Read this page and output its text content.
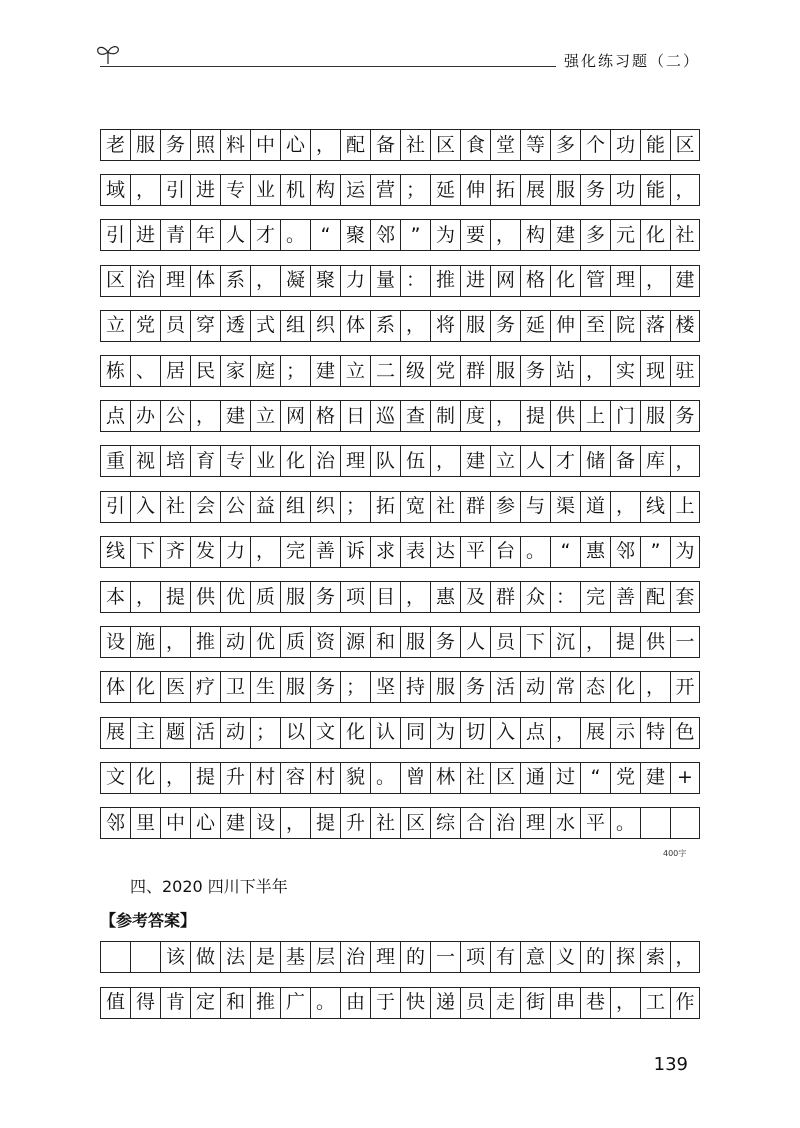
强化练习题（二）
老 服 务 照 料 中 心 ， 配 备 社 区 食 堂 等 多 个 功 能 区
域 ， 引 进 专 业 机 构 运 营 ； 延 伸 拓 展 服 务 功 能 ，
引 进 青 年 人 才 。 “ 聚 邻 ” 为 要 ， 构 建 多 元 化 社
区 治 理 体 系 ， 凝 聚 力 量 ： 推 进 网 格 化 管 理 ， 建
立 党 员 穿 透 式 组 织 体 系 ， 将 服 务 延 伸 至 院 落 楼
栋 、 居 民 家 庭 ； 建 立 二 级 党 群 服 务 站 ， 实 现 驻
点 办 公 ， 建 立 网 格 日 巡 查 制 度 ， 提 供 上 门 服 务
重 视 培 育 专 业 化 治 理 队 伍 ， 建 立 人 才 储 备 库 ，
引 入 社 会 公 益 组 织 ； 拓 宽 社 群 参 与 渠 道 ， 线 上
线 下 齐 发 力 ， 完 善 诉 求 表 达 平 台 。 “ 惠 邻 ” 为
本 ， 提 供 优 质 服 务 项 目 ， 惠 及 群 众 ： 完 善 配 套
设 施 ， 推 动 优 质 资 源 和 服 务 人 员 下 沉 ， 提 供 一
体 化 医 疗 卫 生 服 务 ； 坚 持 服 务 活 动 常 态 化 ， 开
展 主 题 活 动 ； 以 文 化 认 同 为 切 入 点 ， 展 示 特 色
文 化 ， 提 升 村 容 村 貌 。 曾 林 社 区 通 过 “ 党 建 +
邻 里 中 心 建 设 ， 提 升 社 区 综 合 治 理 水 平 。
400字
四、2020 四川下半年
【参考答案】
该 做 法 是 基 层 治 理 的 一 项 有 意 义 的 探 索 ，
值 得 肯 定 和 推 广 。 由 于 快 递 员 走 街 串 巷 ， 工 作
139
